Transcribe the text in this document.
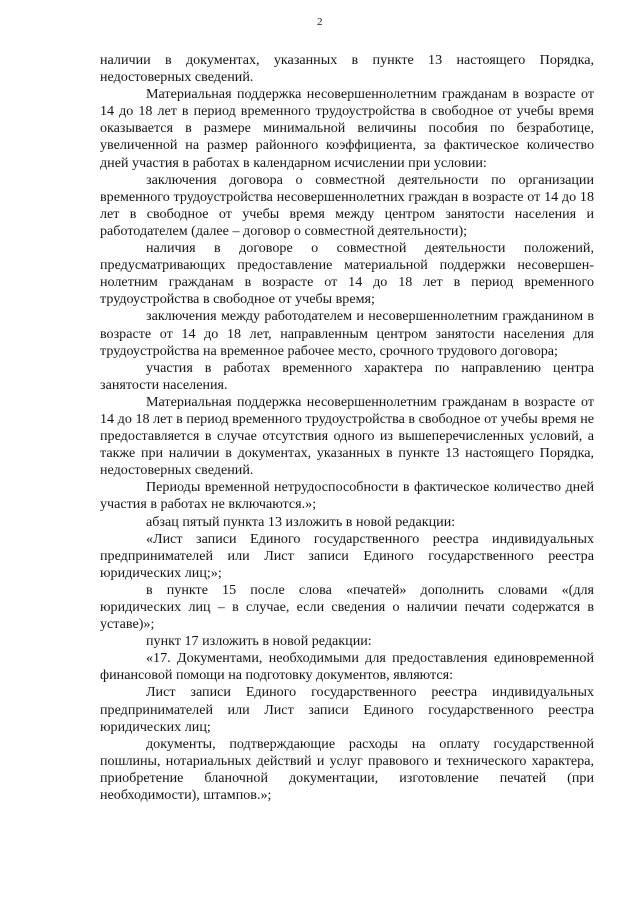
2

наличии в документах, указанных в пункте 13 настоящего Порядка, недостоверных сведений.

Материальная поддержка несовершеннолетним гражданам в возрасте от 14 до 18 лет в период временного трудоустройства в свободное от учебы время оказывается в размере минимальной величины пособия по безработице, увеличенной на размер районного коэффициента, за фактическое количество дней участия в работах в календарном исчислении при условии:

заключения договора о совместной деятельности по организации временного трудоустройства несовершеннолетних граждан в возрасте от 14 до 18 лет в свободное от учебы время между центром занятости населения и работодателем (далее – договор о совместной деятельности);

наличия в договоре о совместной деятельности положений, предусматривающих предоставление материальной поддержки несовершеннолетним гражданам в возрасте от 14 до 18 лет в период временного трудоустройства в свободное от учебы время;

заключения между работодателем и несовершеннолетним гражданином в возрасте от 14 до 18 лет, направленным центром занятости населения для трудоустройства на временное рабочее место, срочного трудового договора;

участия в работах временного характера по направлению центра занятости населения.

Материальная поддержка несовершеннолетним гражданам в возрасте от 14 до 18 лет в период временного трудоустройства в свободное от учебы время не предоставляется в случае отсутствия одного из вышеперечисленных условий, а также при наличии в документах, указанных в пункте 13 настоящего Порядка, недостоверных сведений.

Периоды временной нетрудоспособности в фактическое количество дней участия в работах не включаются.»;

абзац пятый пункта 13 изложить в новой редакции:

«Лист записи Единого государственного реестра индивидуальных предпринимателей или Лист записи Единого государственного реестра юридических лиц;»;

в пункте 15 после слова «печатей» дополнить словами «(для юридических лиц – в случае, если сведения о наличии печати содержатся в уставе)»;

пункт 17 изложить в новой редакции:

«17. Документами, необходимыми для предоставления единовременной финансовой помощи на подготовку документов, являются:

Лист записи Единого государственного реестра индивидуальных предпринимателей или Лист записи Единого государственного реестра юридических лиц;

документы, подтверждающие расходы на оплату государственной пошлины, нотариальных действий и услуг правового и технического характера, приобретение бланочной документации, изготовление печатей (при необходимости), штампов.»;
